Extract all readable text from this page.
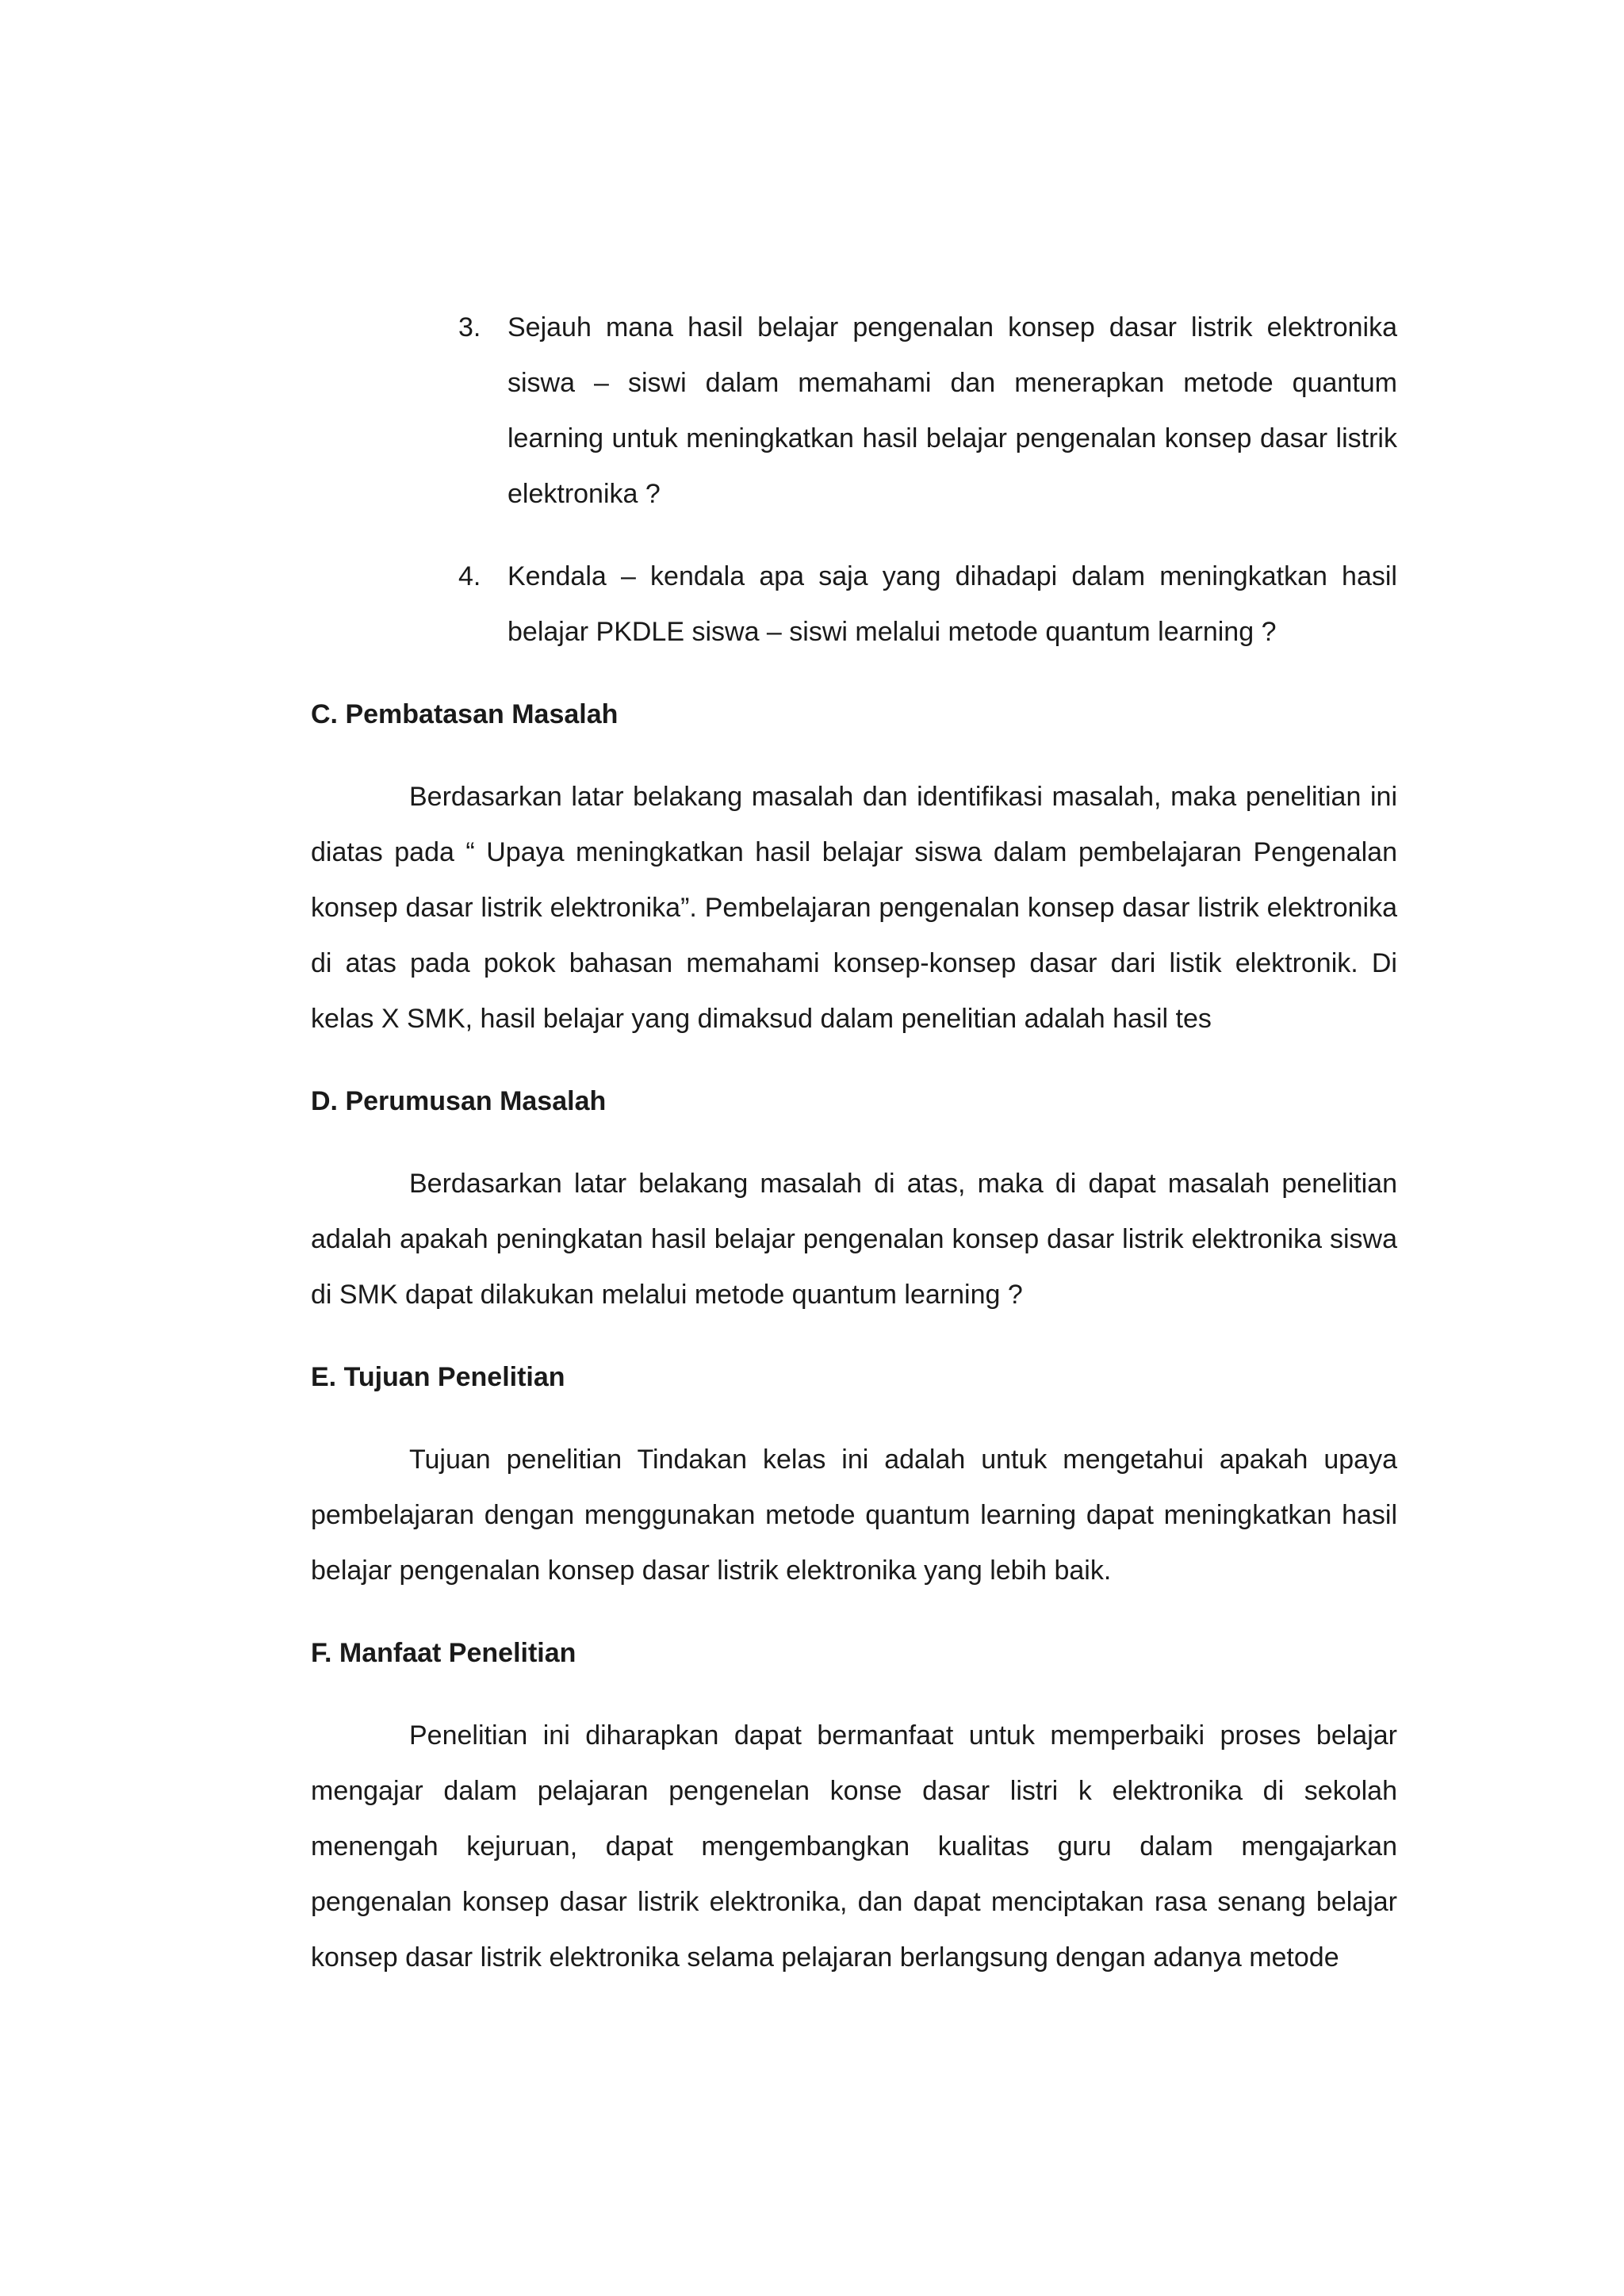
3. Sejauh mana hasil belajar pengenalan konsep dasar listrik elektronika siswa – siswi dalam memahami dan menerapkan metode quantum learning untuk meningkatkan hasil belajar pengenalan konsep dasar listrik elektronika ?
4. Kendala – kendala apa saja yang dihadapi dalam meningkatkan hasil belajar PKDLE siswa – siswi melalui metode quantum learning ?
C. Pembatasan Masalah

Berdasarkan latar belakang masalah dan identifikasi masalah, maka penelitian ini diatas pada “ Upaya meningkatkan hasil belajar siswa dalam pembelajaran Pengenalan konsep dasar listrik elektronika”. Pembelajaran pengenalan konsep dasar listrik elektronika di atas pada pokok bahasan memahami konsep-konsep dasar dari listik elektronik. Di kelas X SMK, hasil belajar yang dimaksud dalam penelitian adalah hasil tes

D. Perumusan Masalah

Berdasarkan latar belakang masalah di atas, maka di dapat masalah penelitian adalah apakah peningkatan hasil belajar pengenalan konsep dasar listrik elektronika siswa di SMK dapat dilakukan melalui metode quantum learning ?

E. Tujuan Penelitian

Tujuan penelitian Tindakan kelas ini adalah untuk mengetahui apakah upaya pembelajaran dengan menggunakan metode quantum learning dapat meningkatkan hasil belajar pengenalan konsep dasar listrik elektronika yang lebih baik.

F. Manfaat Penelitian

Penelitian ini diharapkan dapat bermanfaat untuk memperbaiki proses belajar mengajar dalam pelajaran pengenelan konse dasar listri k elektronika di sekolah menengah kejuruan, dapat mengembangkan kualitas guru dalam mengajarkan pengenalan konsep dasar listrik elektronika, dan dapat menciptakan rasa senang belajar konsep dasar listrik elektronika selama pelajaran berlangsung dengan adanya metode
